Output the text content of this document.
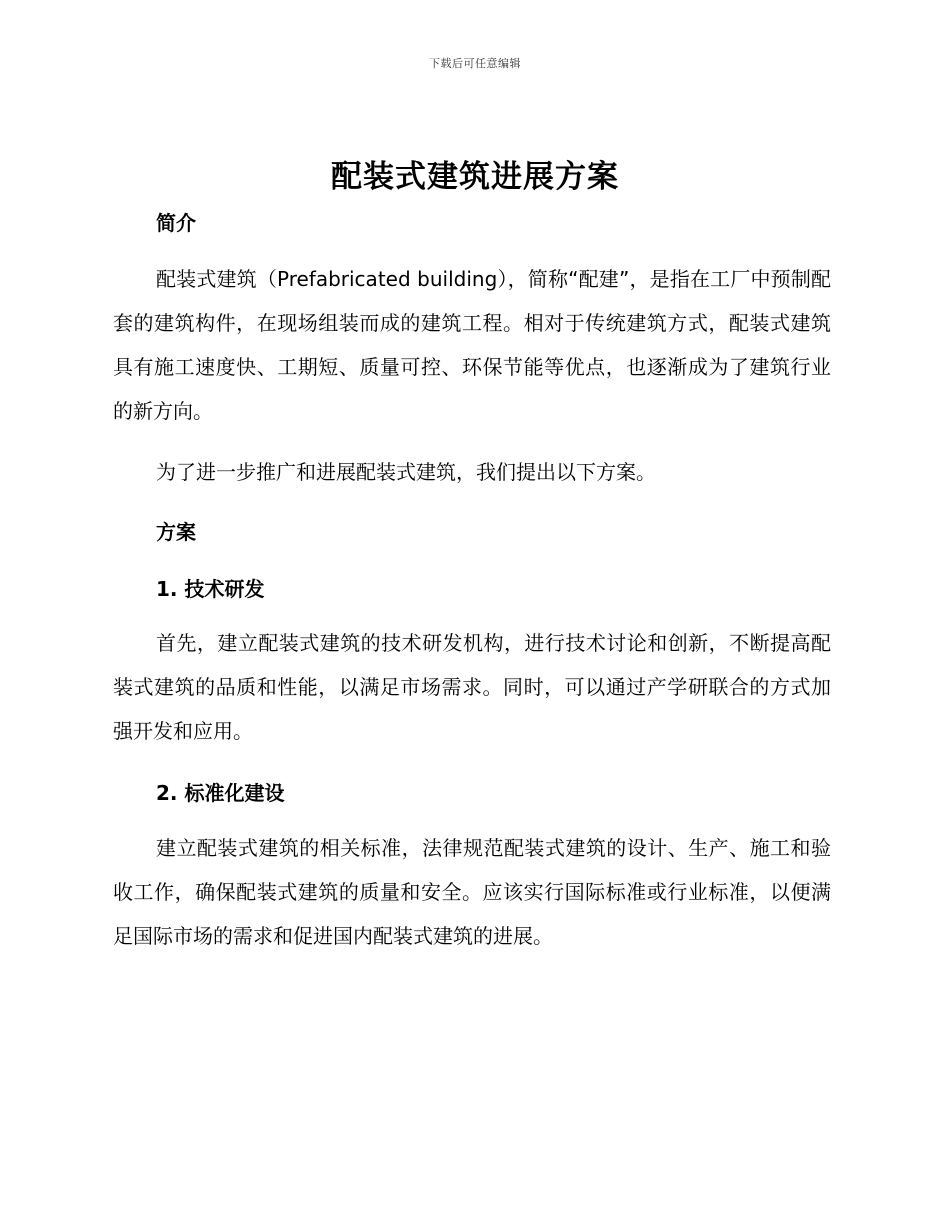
下载后可任意编辑
配装式建筑进展方案
简介

配装式建筑（Prefabricated building），简称“配建”，是指在工厂中预制配套的建筑构件，在现场组装而成的建筑工程。相对于传统建筑方式，配装式建筑具有施工速度快、工期短、质量可控、环保节能等优点，也逐渐成为了建筑行业的新方向。

为了进一步推广和进展配装式建筑，我们提出以下方案。

方案
1. 技术研发

首先，建立配装式建筑的技术研发机构，进行技术讨论和创新，不断提高配装式建筑的品质和性能，以满足市场需求。同时，可以通过产学研联合的方式加强开发和应用。

2. 标准化建设

建立配装式建筑的相关标准，法律规范配装式建筑的设计、生产、施工和验收工作，确保配装式建筑的质量和安全。应该实行国际标准或行业标准，以便满足国际市场的需求和促进国内配装式建筑的进展。
